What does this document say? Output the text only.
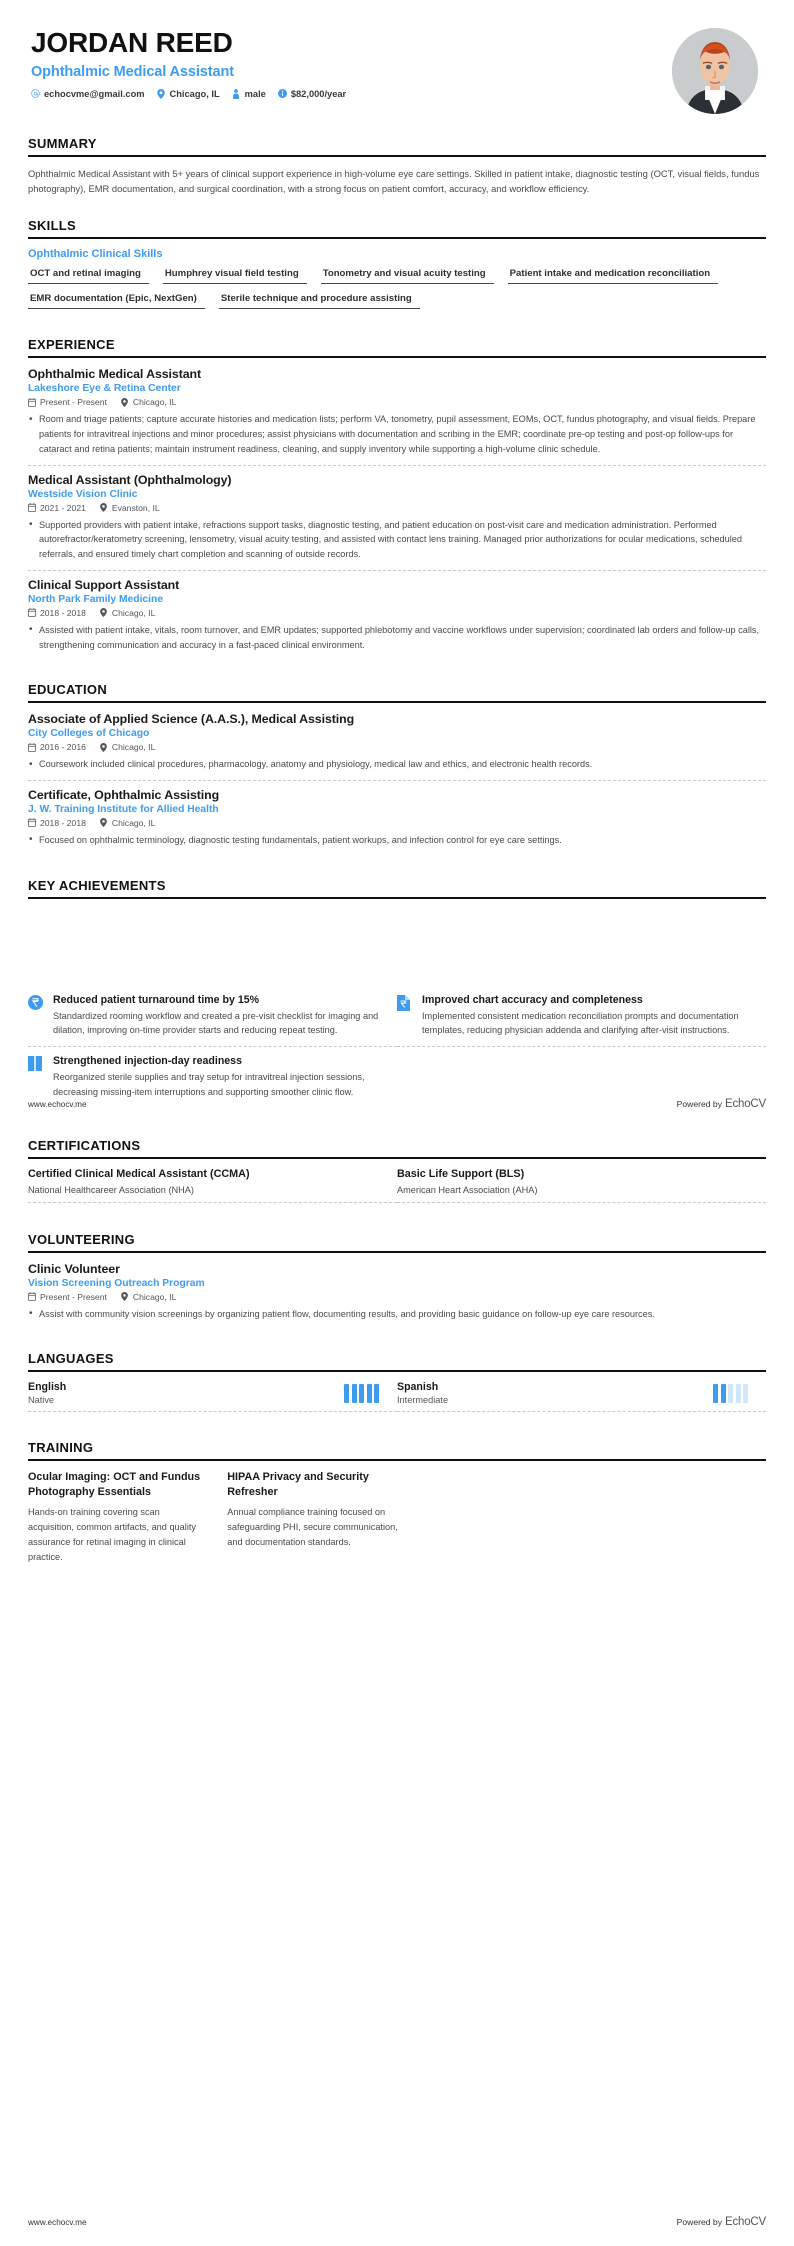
JORDAN REED
Ophthalmic Medical Assistant
echocvme@gmail.com	Chicago, IL	male	$82,000/year
SUMMARY

Ophthalmic Medical Assistant with 5+ years of clinical support experience in high-volume eye care settings. Skilled in patient intake, diagnostic testing (OCT, visual fields, fundus photography), EMR documentation, and surgical coordination, with a strong focus on patient comfort, accuracy, and workflow efficiency.

SKILLS
Ophthalmic Clinical Skills
OCT and retinal imaging	Humphrey visual field testing	Tonometry and visual acuity testing	Patient intake and medication reconciliation
EMR documentation (Epic, NextGen)	Sterile technique and procedure assisting
EXPERIENCE
Ophthalmic Medical Assistant
Lakeshore Eye & Retina Center
Present - Present	Chicago, IL
• Room and triage patients; capture accurate histories and medication lists; perform VA, tonometry, pupil assessment, EOMs, OCT, fundus photography, and visual fields. Prepare patients for intravitreal injections and minor procedures; assist physicians with documentation and scribing in the EMR; coordinate pre-op testing and post-op follow-ups for cataract and retina patients; maintain instrument readiness, cleaning, and supply inventory while supporting a high-volume clinic schedule.
Medical Assistant (Ophthalmology)
Westside Vision Clinic
2021 - 2021	Evanston, IL
• Supported providers with patient intake, refractions support tasks, diagnostic testing, and patient education on post-visit care and medication administration. Performed autorefractor/keratometry screening, lensometry, visual acuity testing, and assisted with contact lens training. Managed prior authorizations for ocular medications, scheduled referrals, and ensured timely chart completion and scanning of outside records.
Clinical Support Assistant
North Park Family Medicine
2018 - 2018	Chicago, IL
• Assisted with patient intake, vitals, room turnover, and EMR updates; supported phlebotomy and vaccine workflows under supervision; coordinated lab orders and follow-up calls, strengthening communication and accuracy in a fast-paced clinical environment.
EDUCATION
Associate of Applied Science (A.A.S.), Medical Assisting
City Colleges of Chicago
2016 - 2016	Chicago, IL
• Coursework included clinical procedures, pharmacology, anatomy and physiology, medical law and ethics, and electronic health records.
Certificate, Ophthalmic Assisting
J. W. Training Institute for Allied Health
2018 - 2018	Chicago, IL
• Focused on ophthalmic terminology, diagnostic testing fundamentals, patient workups, and infection control for eye care settings.
KEY ACHIEVEMENTS
Reduced patient turnaround time by 15%
Standardized rooming workflow and created a pre-visit checklist for imaging and dilation, improving on-time provider starts and reducing repeat testing.
Improved chart accuracy and completeness
Implemented consistent medication reconciliation prompts and documentation templates, reducing physician addenda and clarifying after-visit instructions.
Strengthened injection-day readiness
Reorganized sterile supplies and tray setup for intravitreal injection sessions, decreasing missing-item interruptions and supporting smoother clinic flow.
CERTIFICATIONS
Certified Clinical Medical Assistant (CCMA)
National Healthcareer Association (NHA)
Basic Life Support (BLS)
American Heart Association (AHA)
VOLUNTEERING
Clinic Volunteer
Vision Screening Outreach Program
Present - Present	Chicago, IL
• Assist with community vision screenings by organizing patient flow, documenting results, and providing basic guidance on follow-up eye care resources.
LANGUAGES
English
Native
Spanish
Intermediate
TRAINING
Ocular Imaging: OCT and Fundus Photography Essentials
Hands-on training covering scan acquisition, common artifacts, and quality assurance for retinal imaging in clinical practice.
HIPAA Privacy and Security Refresher
Annual compliance training focused on safeguarding PHI, secure communication, and documentation standards.
www.echocv.me	Powered by EchoCV
www.echocv.me	Powered by EchoCV
